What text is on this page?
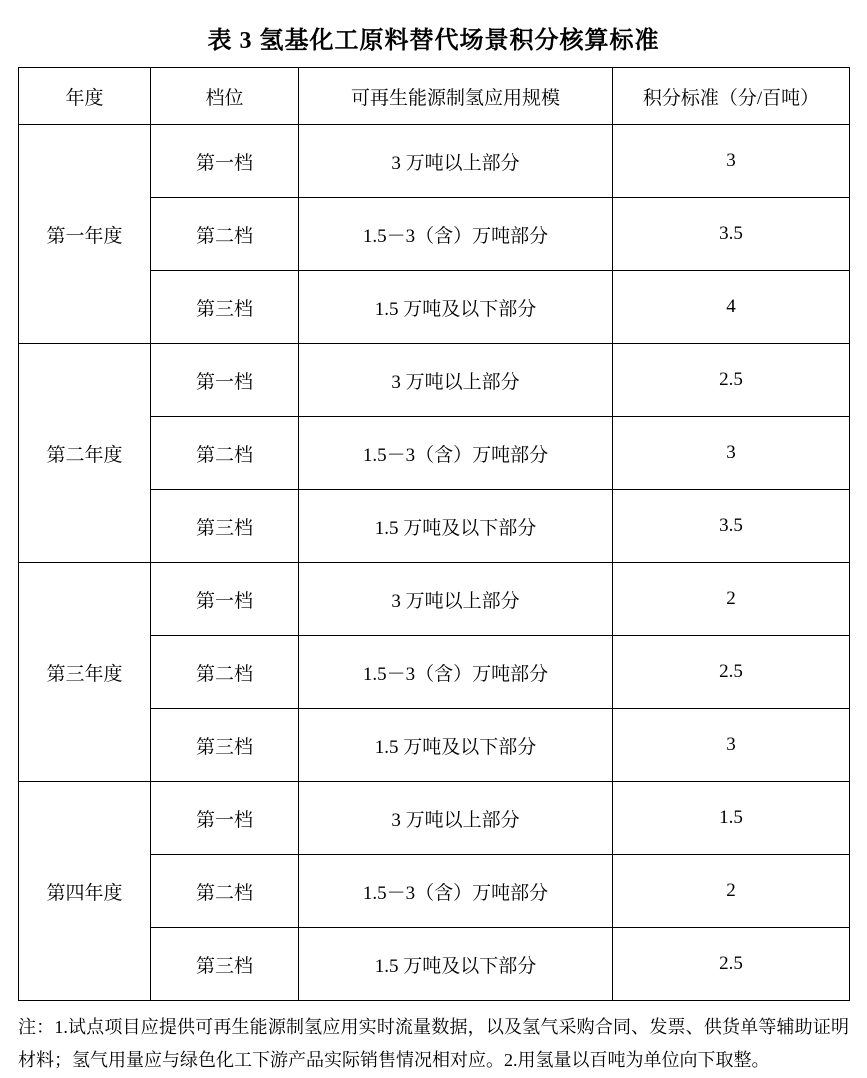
表 3 氢基化工原料替代场景积分核算标准
年度	档位	可再生能源制氢应用规模	积分标准（分/百吨）
第一年度	第一档	3 万吨以上部分	3
	第二档	1.5－3（含）万吨部分	3.5
	第三档	1.5 万吨及以下部分	4
第二年度	第一档	3 万吨以上部分	2.5
	第二档	1.5－3（含）万吨部分	3
	第三档	1.5 万吨及以下部分	3.5
第三年度	第一档	3 万吨以上部分	2
	第二档	1.5－3（含）万吨部分	2.5
	第三档	1.5 万吨及以下部分	3
第四年度	第一档	3 万吨以上部分	1.5
	第二档	1.5－3（含）万吨部分	2
	第三档	1.5 万吨及以下部分	2.5
注：1.试点项目应提供可再生能源制氢应用实时流量数据，以及氢气采购合同、发票、供货单等辅助证明材料；氢气用量应与绿色化工下游产品实际销售情况相对应。2.用氢量以百吨为单位向下取整。
